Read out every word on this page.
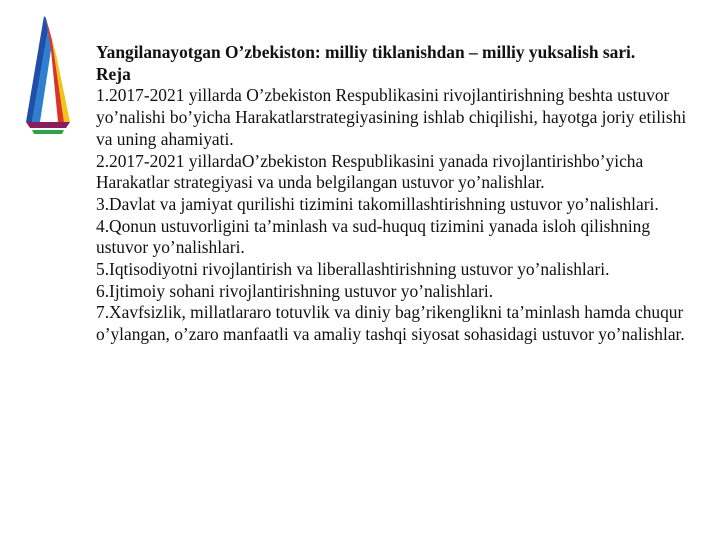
Yangilanayotgan O’zbekiston: milliy tiklanishdan – milliy yuksalish sari.
Reja
1.2017-2021 yillarda O’zbekiston Respublikasini rivojlantirishning beshta ustuvor yo’nalishi bo’yicha Harakatlarstrategiyasining ishlab chiqilishi, hayotga joriy etilishi va uning ahamiyati.
2.2017-2021 yillardaO’zbekiston Respublikasini yanada rivojlantirishbo’yicha Harakatlar strategiyasi va unda belgilangan ustuvor yo’nalishlar.
3.Davlat va jamiyat qurilishi tizimini takomillashtirishning ustuvor yo’nalishlari.
4.Qonun ustuvorligini ta’minlash va sud-huquq tizimini yanada isloh qilishning ustuvor yo’nalishlari.
5.Iqtisodiyotni rivojlantirish va liberallashtirishning ustuvor yo’nalishlari.
6.Ijtimoiy sohani rivojlantirishning ustuvor yo’nalishlari.
7.Xavfsizlik, millatlararo totuvlik va diniy bag’rikenglikni ta’minlash hamda chuqur o’ylangan, o’zaro manfaatli va amaliy tashqi siyosat sohasidagi ustuvor yo’nalishlar.
